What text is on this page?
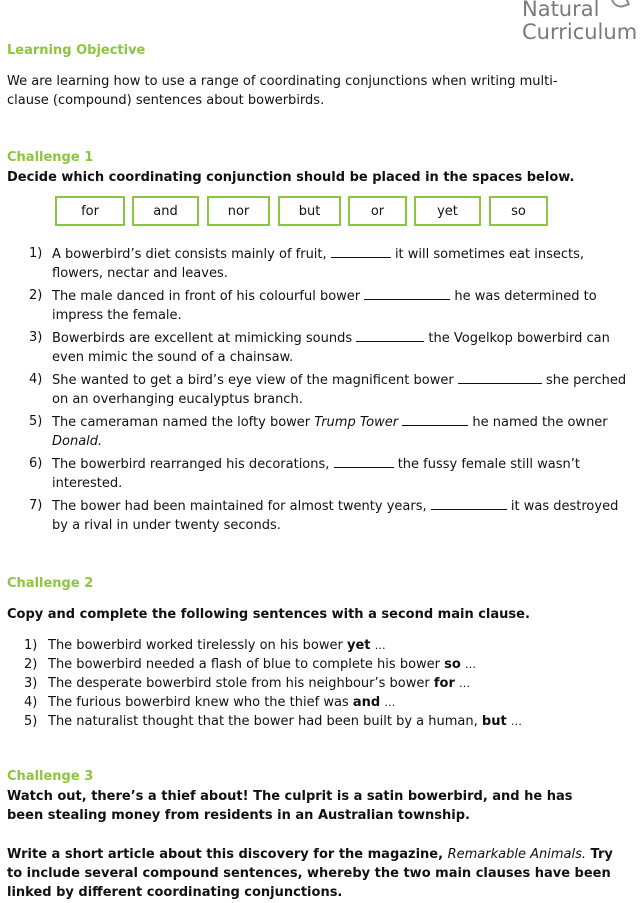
Natural
Curriculum
Learning Objective
We are learning how to use a range of coordinating conjunctions when writing multi-clause (compound) sentences about bowerbirds.
Challenge 1
Decide which coordinating conjunction should be placed in the spaces below.
for	and	nor	but	or	yet	so
1) A bowerbird’s diet consists mainly of fruit,	it will sometimes eat insects, flowers, nectar and leaves.
2) The male danced in front of his colourful bower	he was determined to impress the female.
3) Bowerbirds are excellent at mimicking sounds	the Vogelkop bowerbird can even mimic the sound of a chainsaw.
4) She wanted to get a bird’s eye view of the magnificent bower	she perched on an overhanging eucalyptus branch.
5) The cameraman named the lofty bower Trump Tower	he named the owner Donald.
6) The bowerbird rearranged his decorations,	the fussy female still wasn’t interested.
7) The bower had been maintained for almost twenty years,	it was destroyed by a rival in under twenty seconds.
Challenge 2
Copy and complete the following sentences with a second main clause.
1) The bowerbird worked tirelessly on his bower yet …
2) The bowerbird needed a flash of blue to complete his bower so …
3) The desperate bowerbird stole from his neighbour’s bower for …
4) The furious bowerbird knew who the thief was and …
5) The naturalist thought that the bower had been built by a human, but …
Challenge 3
Watch out, there’s a thief about! The culprit is a satin bowerbird, and he has been stealing money from residents in an Australian township.
Write a short article about this discovery for the magazine, Remarkable Animals. Try to include several compound sentences, whereby the two main clauses have been linked by different coordinating conjunctions.
